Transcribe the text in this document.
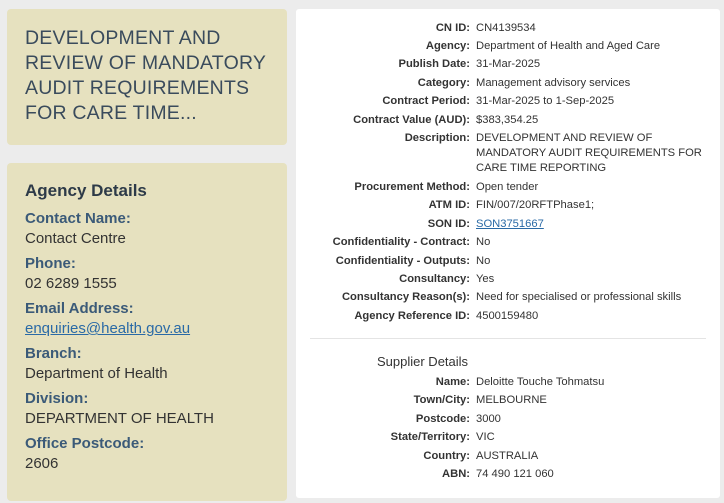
DEVELOPMENT AND REVIEW OF MANDATORY AUDIT REQUIREMENTS FOR CARE TIME...
Agency Details
Contact Name:
Contact Centre
Phone:
02 6289 1555
Email Address:
enquiries@health.gov.au
Branch:
Department of Health
Division:
DEPARTMENT OF HEALTH
Office Postcode:
2606
CN ID: CN4139534
Agency: Department of Health and Aged Care
Publish Date: 31-Mar-2025
Category: Management advisory services
Contract Period: 31-Mar-2025 to 1-Sep-2025
Contract Value (AUD): $383,354.25
Description: DEVELOPMENT AND REVIEW OF MANDATORY AUDIT REQUIREMENTS FOR CARE TIME REPORTING
Procurement Method: Open tender
ATM ID: FIN/007/20RFTPhase1;
SON ID: SON3751667
Confidentiality - Contract: No
Confidentiality - Outputs: No
Consultancy: Yes
Consultancy Reason(s): Need for specialised or professional skills
Agency Reference ID: 4500159480
Supplier Details
Name: Deloitte Touche Tohmatsu
Town/City: MELBOURNE
Postcode: 3000
State/Territory: VIC
Country: AUSTRALIA
ABN: 74 490 121 060
